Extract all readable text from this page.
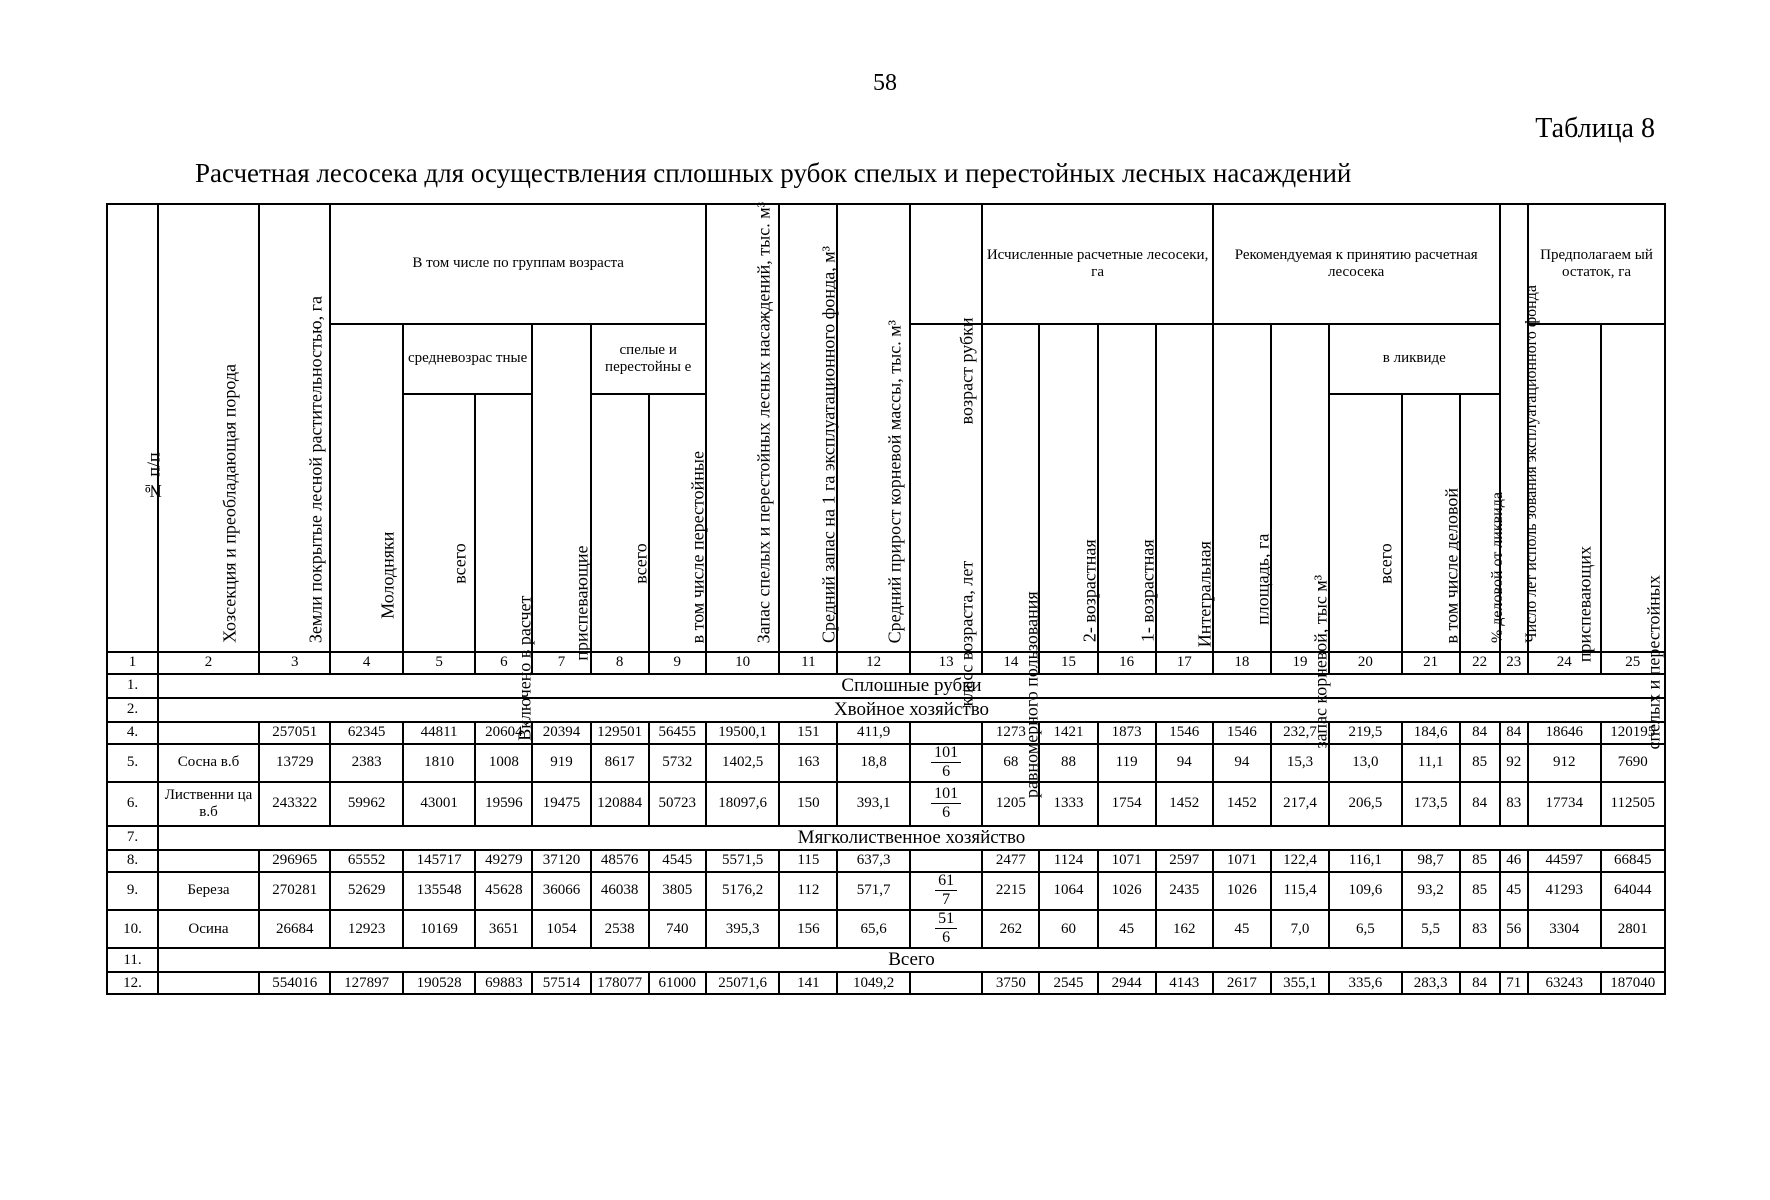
58
Таблица 8
Расчетная лесосека для осуществления сплошных рубок спелых и перестойных лесных насаждений
№ п/п	Хозсекция и преобладающая порода	Земли покрытые лесной растительностью, га	В том числе по группам возраста						Запас спелых и перестойных лесных насаждений, тыс. м³	Средний запас на 1 га эксплуатационного фонда, м³	Средний прирост корневой массы, тыс. м³	возраст рубки	Исчисленные расчетные лесосеки, га				Рекомендуемая к принятию расчетная лесосека					Число лет исполь зования эксплуатационного фонда	Предполагаем ый остаток, га	

			Молодняки	средневозрас тные		приспевающие	спелые и перестойны е					класс возраста, лет	равномерного пользования	2- возрастная	1- возрастная	Интегральная	площадь, га	запас корневой, тыс м³	в ликвиде				приспевающих	спелых и перестойных

				всего	Включено в расчет		всего	в том числе перестойные											всего	в том числе деловой	% деловой от ликвида			

1	2	3	4	5	6	7	8	9	10	11	12	13	14	15	16	17	18	19	20	21	22	23	24	25
1.	Сплошные рубки																							
2.	Хвойное хозяйство																							
4.		257051	62345	44811	20604	20394	129501	56455	19500,1	151	411,9		1273	1421	1873	1546	1546	232,7	219,5	184,6	84	84	18646	120195
5.	Сосна в.б	13729	2383	1810	1008	919	8617	5732	1402,5	163	18,8	$\frac{101}{6}$	68	88	119	94	94	15,3	13,0	11,1	85	92	912	7690
6.	Лиственни ца в.б	243322	59962	43001	19596	19475	120884	50723	18097,6	150	393,1	$\frac{101}{6}$	1205	1333	1754	1452	1452	217,4	206,5	173,5	84	83	17734	112505
7.	Мягколиственное хозяйство																							
8.		296965	65552	145717	49279	37120	48576	4545	5571,5	115	637,3		2477	1124	1071	2597	1071	122,4	116,1	98,7	85	46	44597	66845
9.	Береза	270281	52629	135548	45628	36066	46038	3805	5176,2	112	571,7	$\frac{61}{7}$	2215	1064	1026	2435	1026	115,4	109,6	93,2	85	45	41293	64044
10.	Осина	26684	12923	10169	3651	1054	2538	740	395,3	156	65,6	$\frac{51}{6}$	262	60	45	162	45	7,0	6,5	5,5	83	56	3304	2801
11.	Всего																							
12.		554016	127897	190528	69883	57514	178077	61000	25071,6	141	1049,2		3750	2545	2944	4143	2617	355,1	335,6	283,3	84	71	63243	187040
